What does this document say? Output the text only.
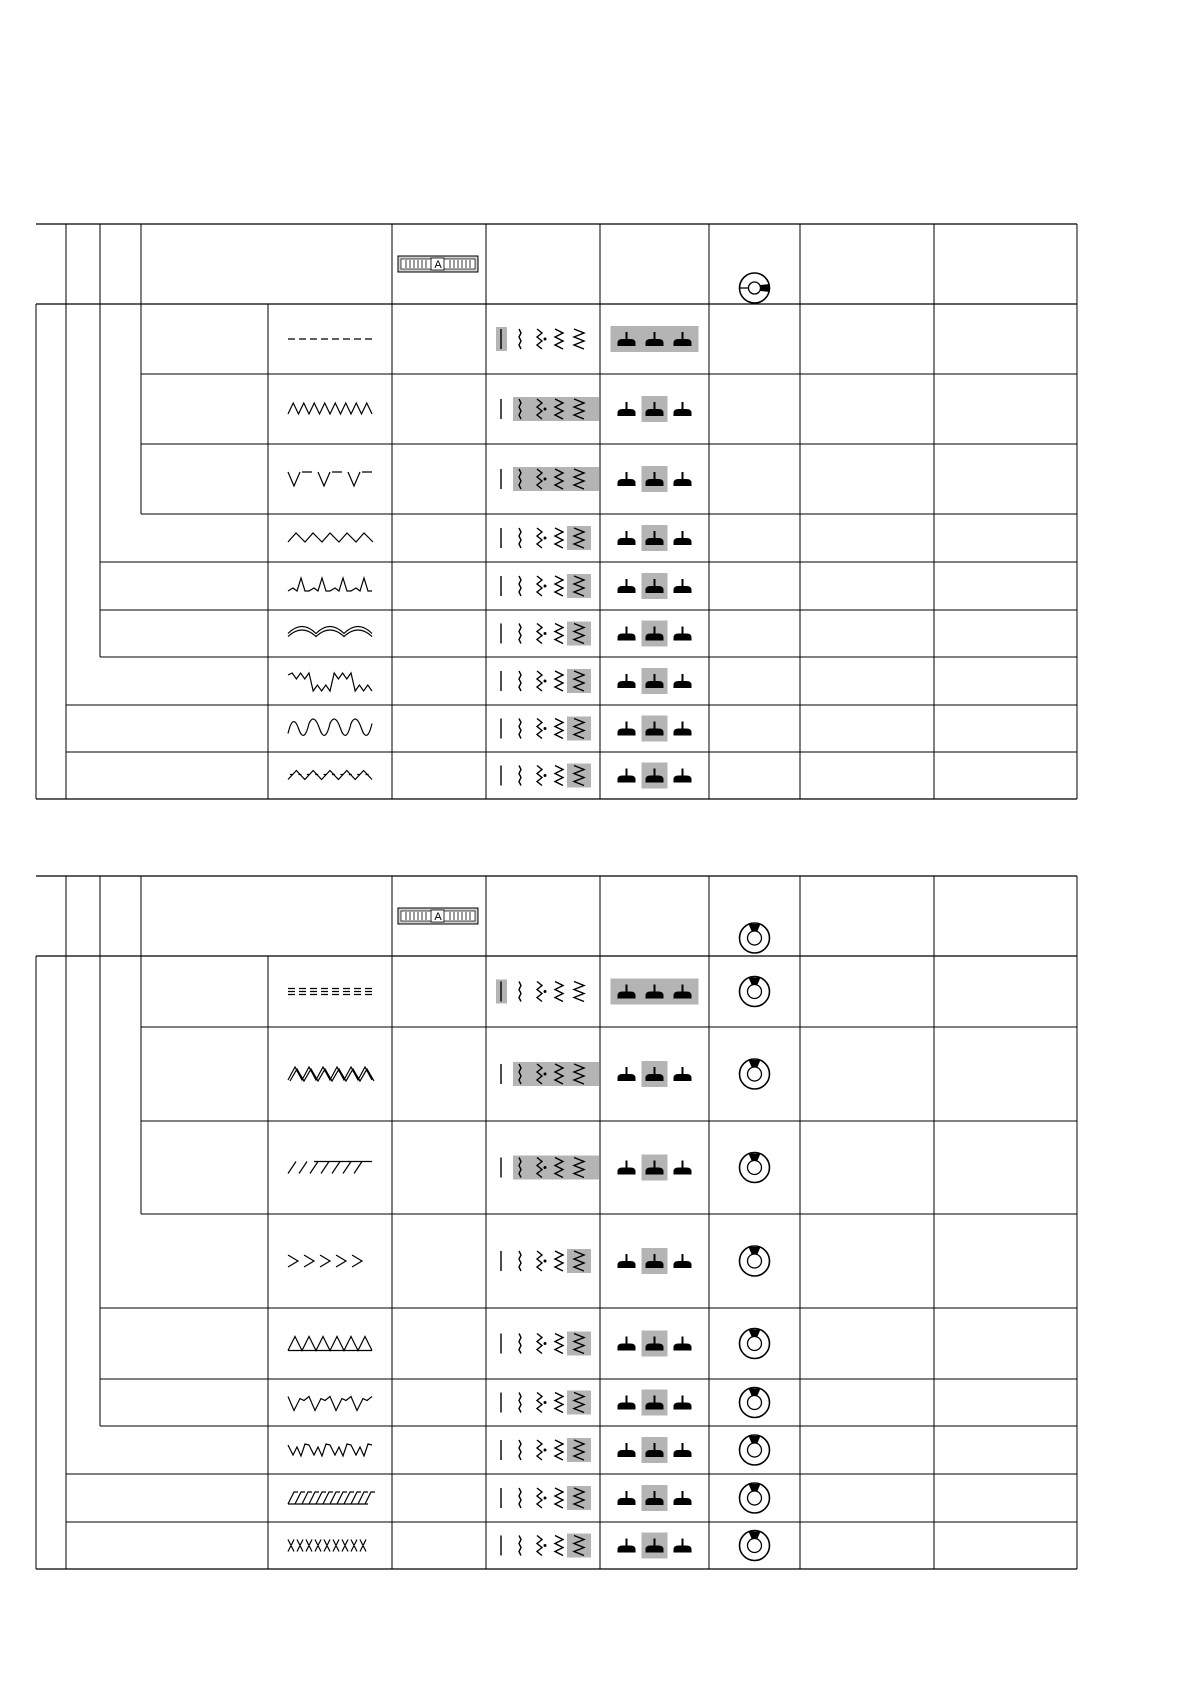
A
A
